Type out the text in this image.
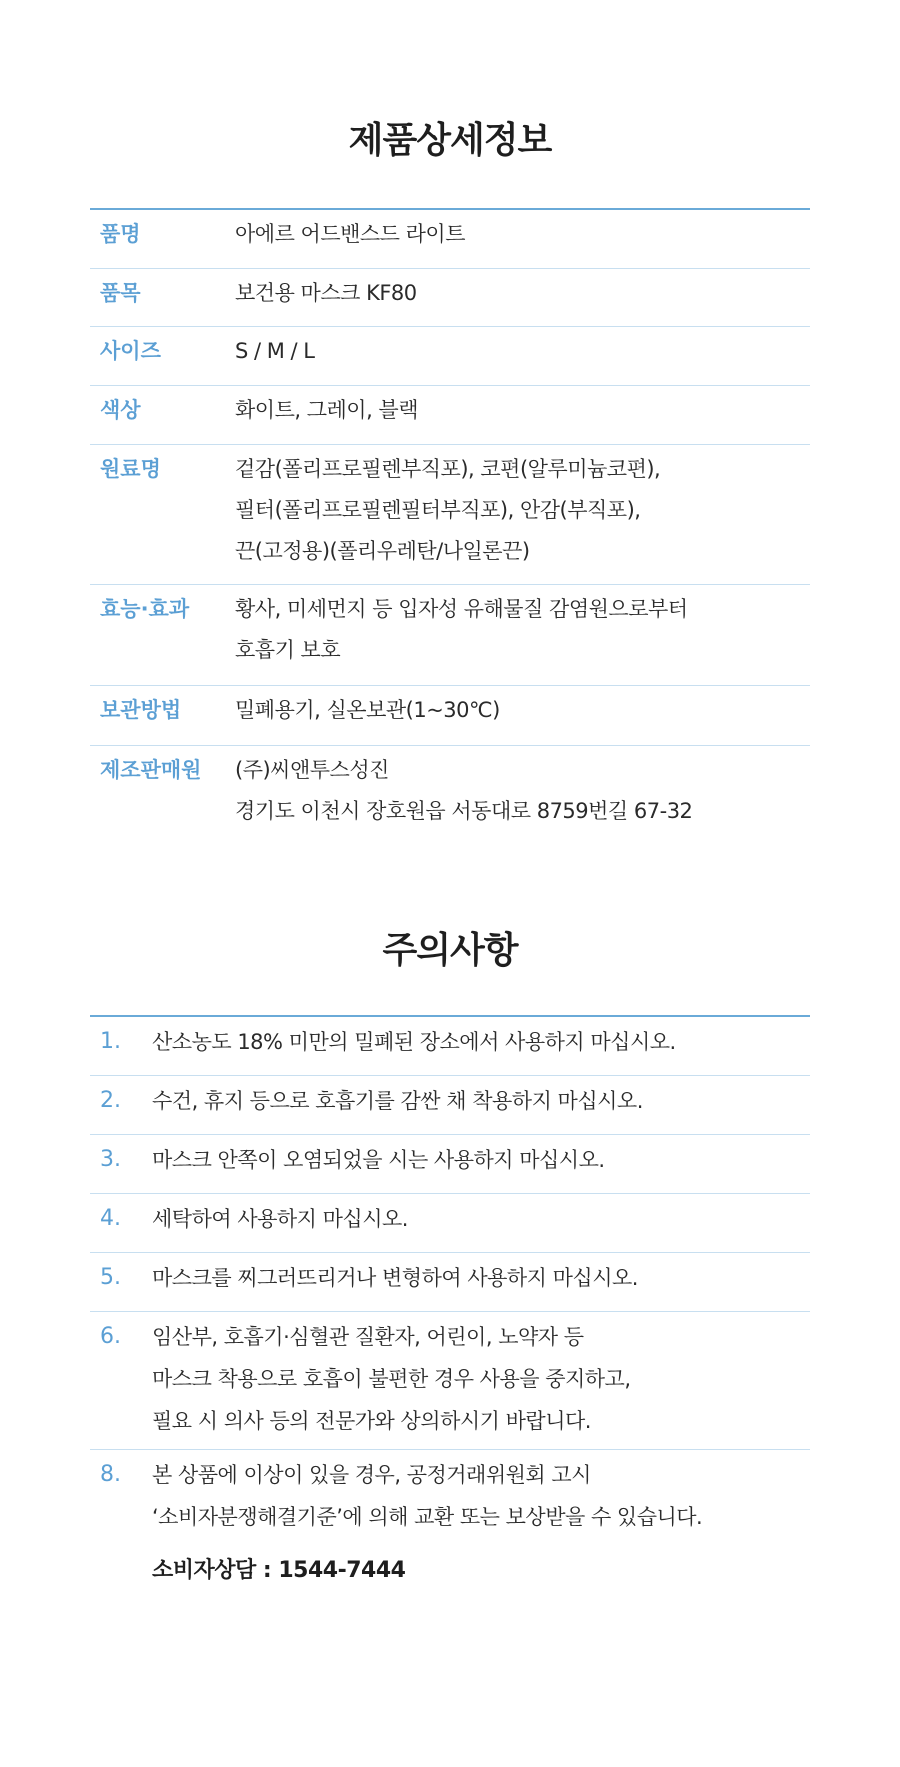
제품상세정보
품명	아에르 어드밴스드 라이트
품목	보건용 마스크 KF80
사이즈	S / M / L
색상	화이트, 그레이, 블랙
원료명	겉감(폴리프로필렌부직포), 코편(알루미늄코편),
필터(폴리프로필렌필터부직포), 안감(부직포),
끈(고정용)(폴리우레탄/나일론끈)
효능·효과	황사, 미세먼지 등 입자성 유해물질 감염원으로부터
호흡기 보호
보관방법	밀폐용기, 실온보관(1~30℃)
제조판매원	(주)씨앤투스성진
경기도 이천시 장호원읍 서동대로 8759번길 67-32
주의사항
1.	산소농도 18% 미만의 밀폐된 장소에서 사용하지 마십시오.
2.	수건, 휴지 등으로 호흡기를 감싼 채 착용하지 마십시오.
3.	마스크 안쪽이 오염되었을 시는 사용하지 마십시오.
4.	세탁하여 사용하지 마십시오.
5.	마스크를 찌그러뜨리거나 변형하여 사용하지 마십시오.
6.	임산부, 호흡기·심혈관 질환자, 어린이, 노약자 등
마스크 착용으로 호흡이 불편한 경우 사용을 중지하고,
필요 시 의사 등의 전문가와 상의하시기 바랍니다.
8.	본 상품에 이상이 있을 경우, 공정거래위원회 고시
‘소비자분쟁해결기준’에 의해 교환 또는 보상받을 수 있습니다.
소비자상담 : 1544-7444
